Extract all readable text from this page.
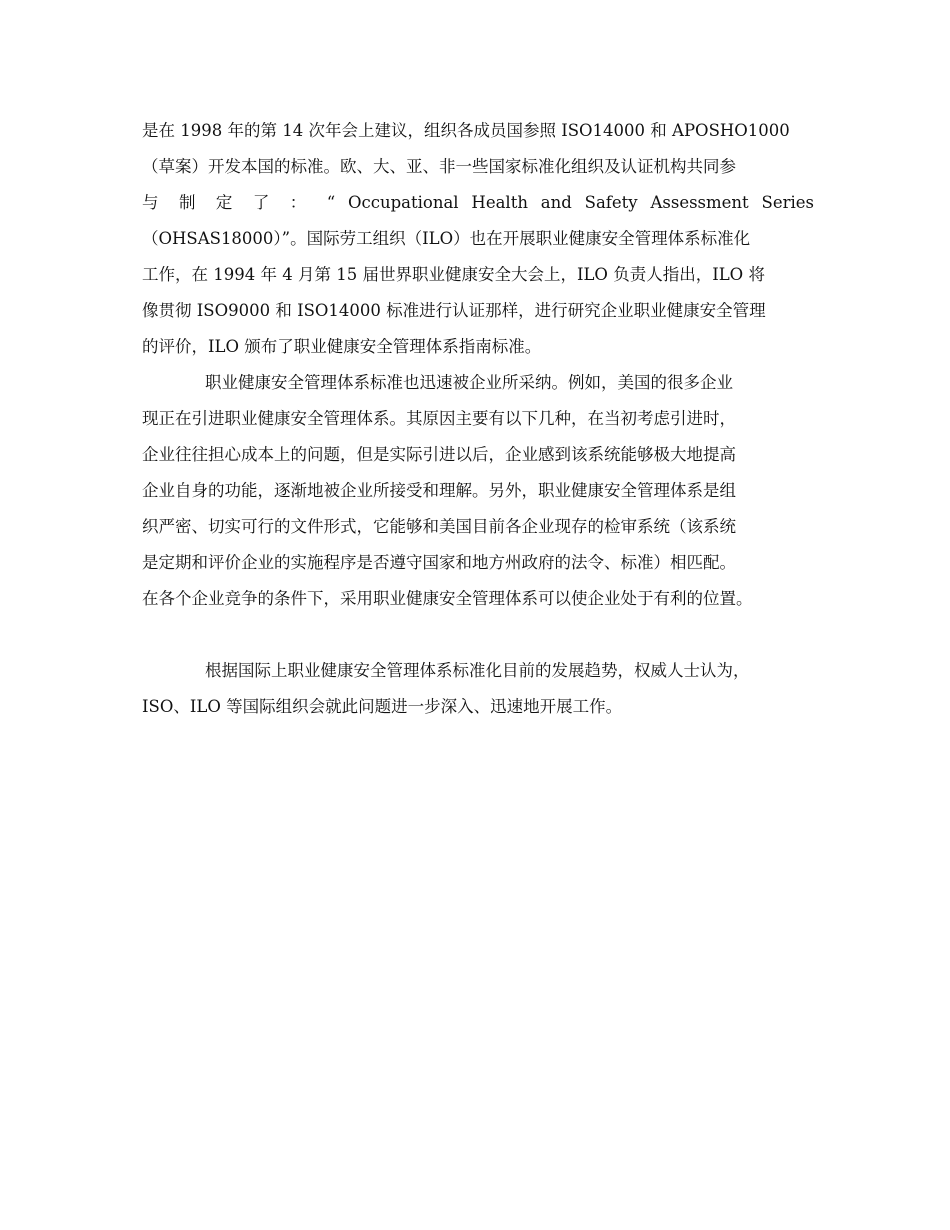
是在 1998 年的第 14 次年会上建议，组织各成员国参照 ISO14000 和 APOSHO1000
（草案）开发本国的标准。欧、大、亚、非一些国家标准化组织及认证机构共同参
与 制 定 了 ： “ Occupational Health and Safety Assessment Series
（OHSAS18000）”。国际劳工组织（ILO）也在开展职业健康安全管理体系标准化
工作，在 1994 年 4 月第 15 届世界职业健康安全大会上，ILO 负责人指出，ILO 将
像贯彻 ISO9000 和 ISO14000 标准进行认证那样，进行研究企业职业健康安全管理
的评价，ILO 颁布了职业健康安全管理体系指南标准。
职业健康安全管理体系标准也迅速被企业所采纳。例如，美国的很多企业
现正在引进职业健康安全管理体系。其原因主要有以下几种，在当初考虑引进时，
企业往往担心成本上的问题，但是实际引进以后，企业感到该系统能够极大地提高
企业自身的功能，逐渐地被企业所接受和理解。另外，职业健康安全管理体系是组
织严密、切实可行的文件形式，它能够和美国目前各企业现存的检审系统（该系统
是定期和评价企业的实施程序是否遵守国家和地方州政府的法令、标准）相匹配。
在各个企业竞争的条件下，采用职业健康安全管理体系可以使企业处于有利的位置。
根据国际上职业健康安全管理体系标准化目前的发展趋势，权威人士认为，
ISO、ILO 等国际组织会就此问题进一步深入、迅速地开展工作。
